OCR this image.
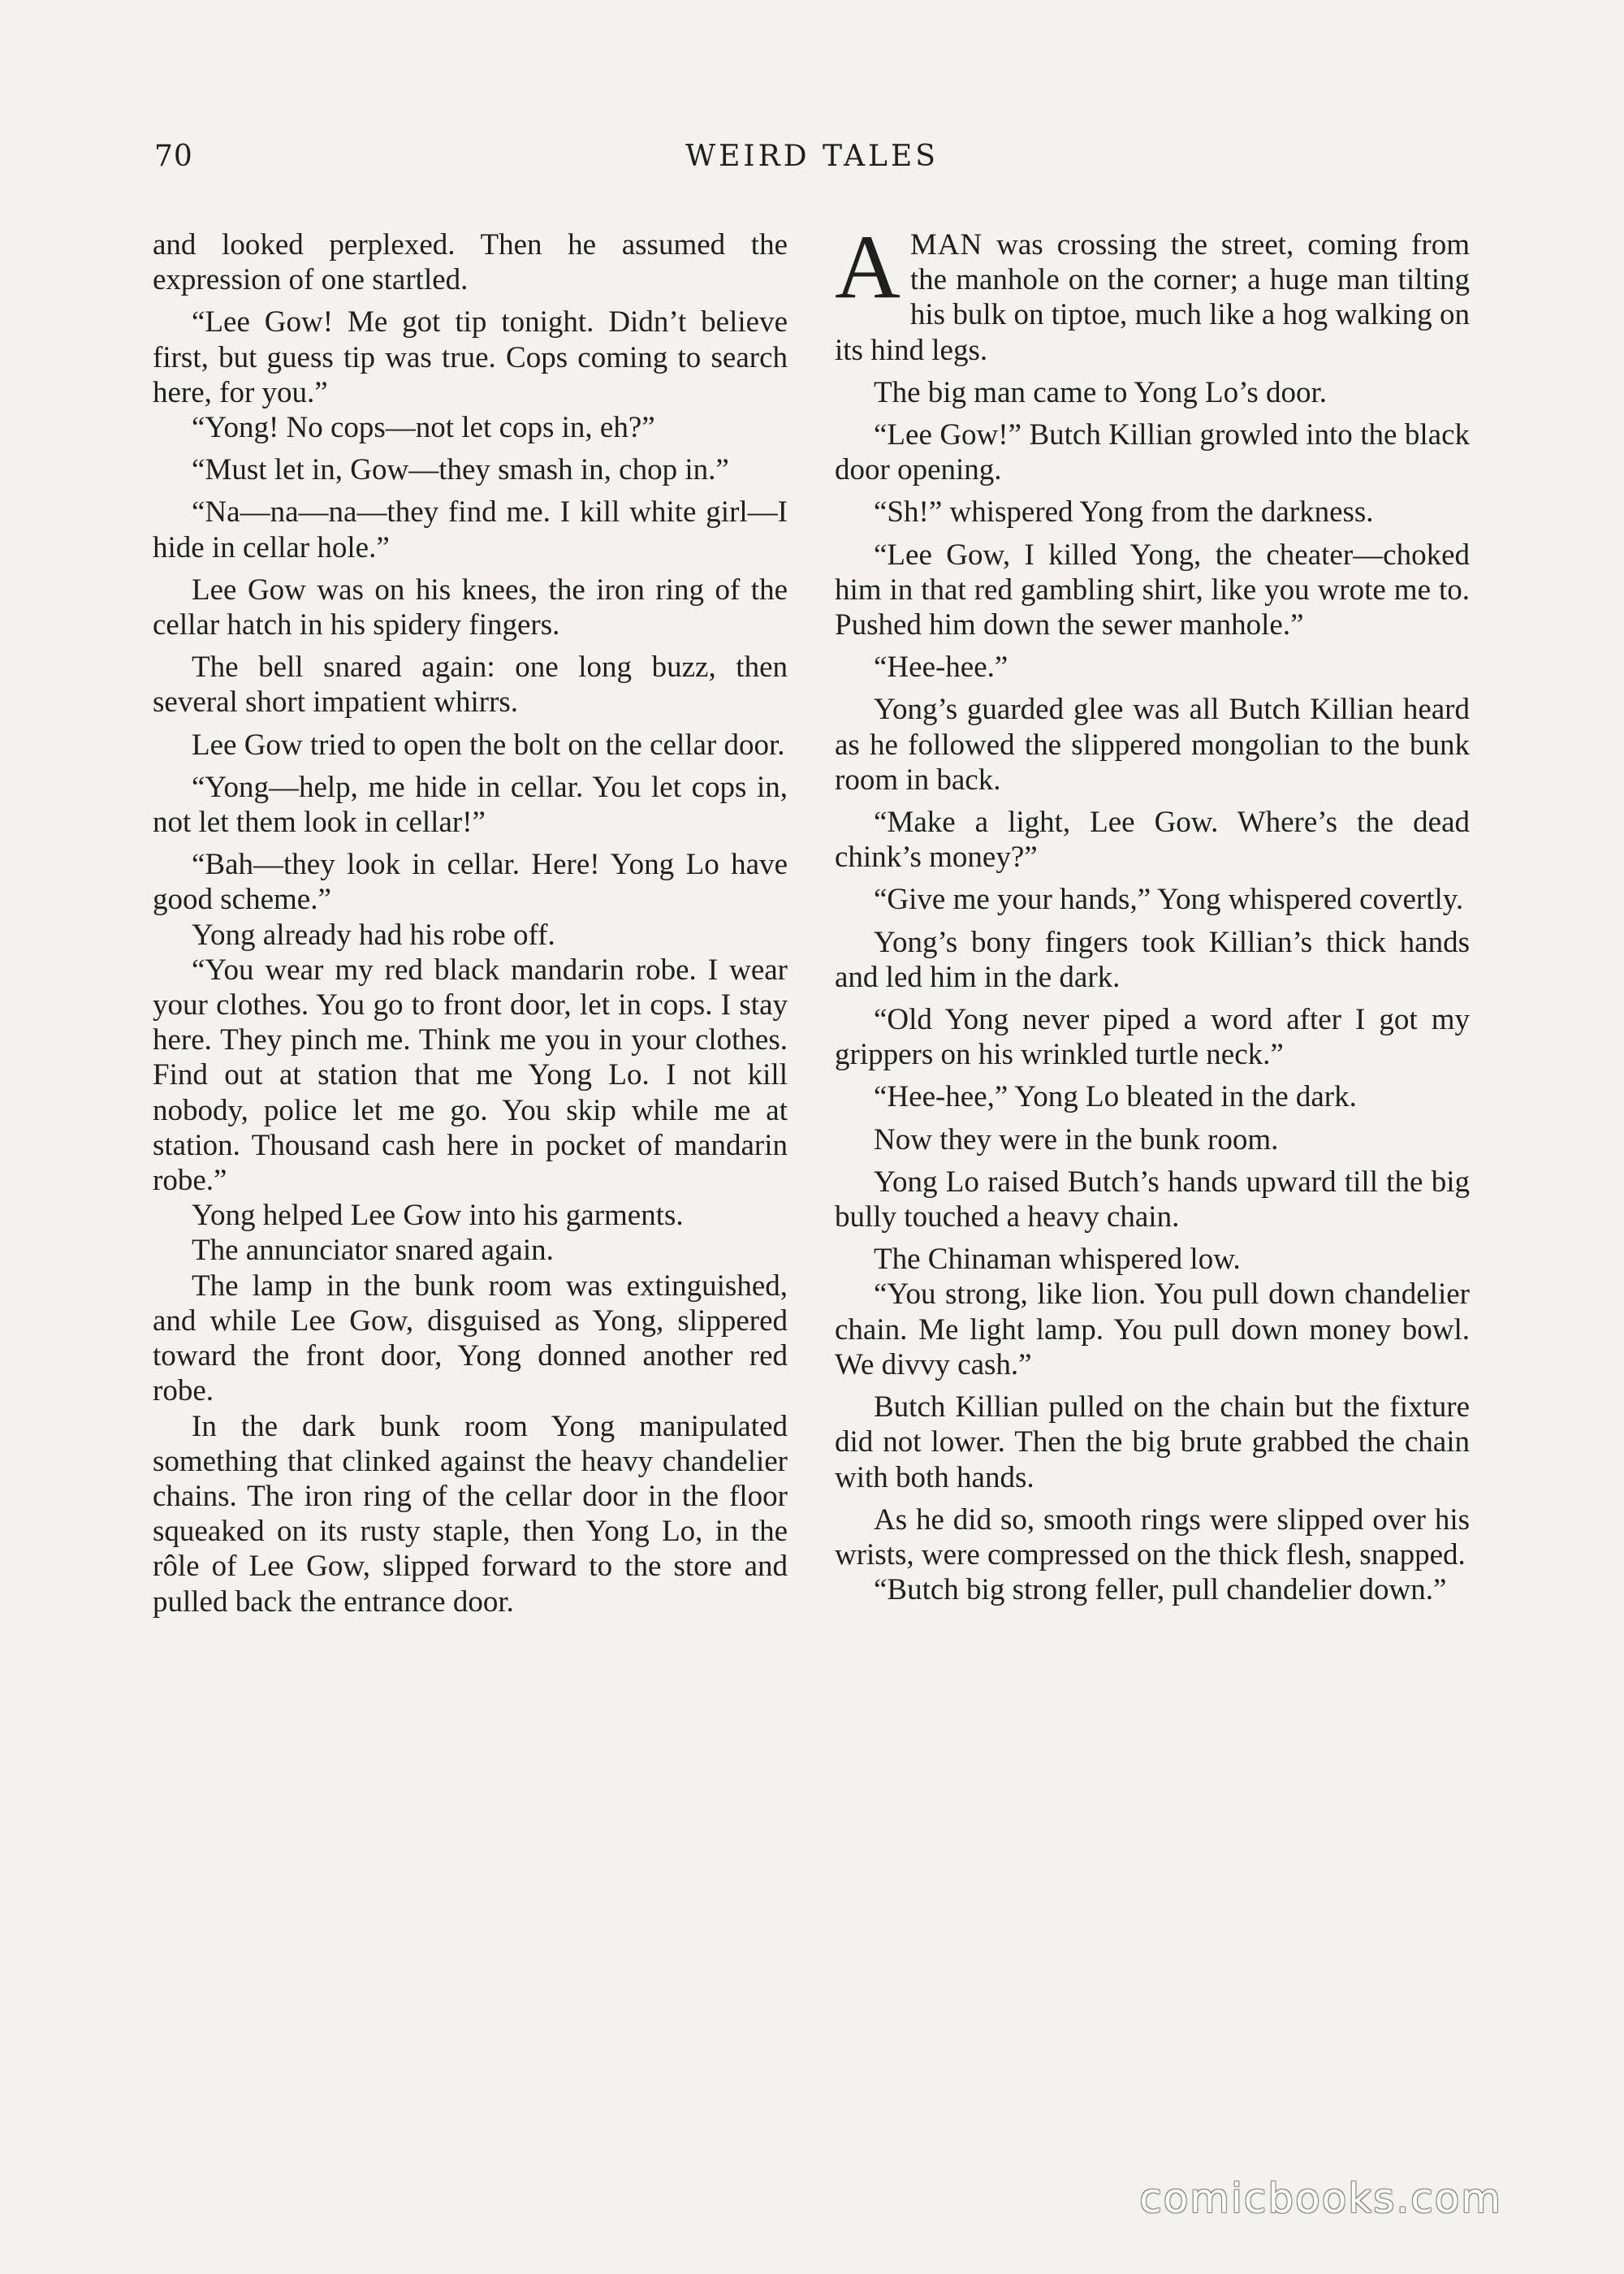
70	WEIRD TALES

and looked perplexed. Then he assumed the expression of one startled.

“Lee Gow! Me got tip tonight. Didn’t believe first, but guess tip was true. Cops coming to search here, for you.”

“Yong! No cops—not let cops in, eh?”

“Must let in, Gow—they smash in, chop in.”

“Na—na—na—they find me. I kill white girl—I hide in cellar hole.”

Lee Gow was on his knees, the iron ring of the cellar hatch in his spidery fingers.

The bell snared again: one long buzz, then several short impatient whirrs.

Lee Gow tried to open the bolt on the cellar door.

“Yong—help, me hide in cellar. You let cops in, not let them look in cellar!”

“Bah—they look in cellar. Here! Yong Lo have good scheme.”

Yong already had his robe off.

“You wear my red black mandarin robe. I wear your clothes. You go to front door, let in cops. I stay here. They pinch me. Think me you in your clothes. Find out at station that me Yong Lo. I not kill nobody, police let me go. You skip while me at station. Thousand cash here in pocket of mandarin robe.”

Yong helped Lee Gow into his garments.

The annunciator snared again.

The lamp in the bunk room was extinguished, and while Lee Gow, disguised as Yong, slippered toward the front door, Yong donned another red robe.

In the dark bunk room Yong manipulated something that clinked against the heavy chandelier chains. The iron ring of the cellar door in the floor squeaked on its rusty staple, then Yong Lo, in the rôle of Lee Gow, slipped forward to the store and pulled back the entrance door.

AMAN was crossing the street, coming from the manhole on the corner; a huge man tilting his bulk on tiptoe, much like a hog walking on its hind legs.

The big man came to Yong Lo’s door.

“Lee Gow!” Butch Killian growled into the black door opening.

“Sh!” whispered Yong from the darkness.

“Lee Gow, I killed Yong, the cheater—choked him in that red gambling shirt, like you wrote me to. Pushed him down the sewer manhole.”

“Hee-hee.”

Yong’s guarded glee was all Butch Killian heard as he followed the slippered mongolian to the bunk room in back.

“Make a light, Lee Gow. Where’s the dead chink’s money?”

“Give me your hands,” Yong whispered covertly.

Yong’s bony fingers took Killian’s thick hands and led him in the dark.

“Old Yong never piped a word after I got my grippers on his wrinkled turtle neck.”

“Hee-hee,” Yong Lo bleated in the dark.

Now they were in the bunk room.

Yong Lo raised Butch’s hands upward till the big bully touched a heavy chain.

The Chinaman whispered low.

“You strong, like lion. You pull down chandelier chain. Me light lamp. You pull down money bowl. We divvy cash.”

Butch Killian pulled on the chain but the fixture did not lower. Then the big brute grabbed the chain with both hands.

As he did so, smooth rings were slipped over his wrists, were compressed on the thick flesh, snapped.

“Butch big strong feller, pull chandelier down.”

comicbooks.com
